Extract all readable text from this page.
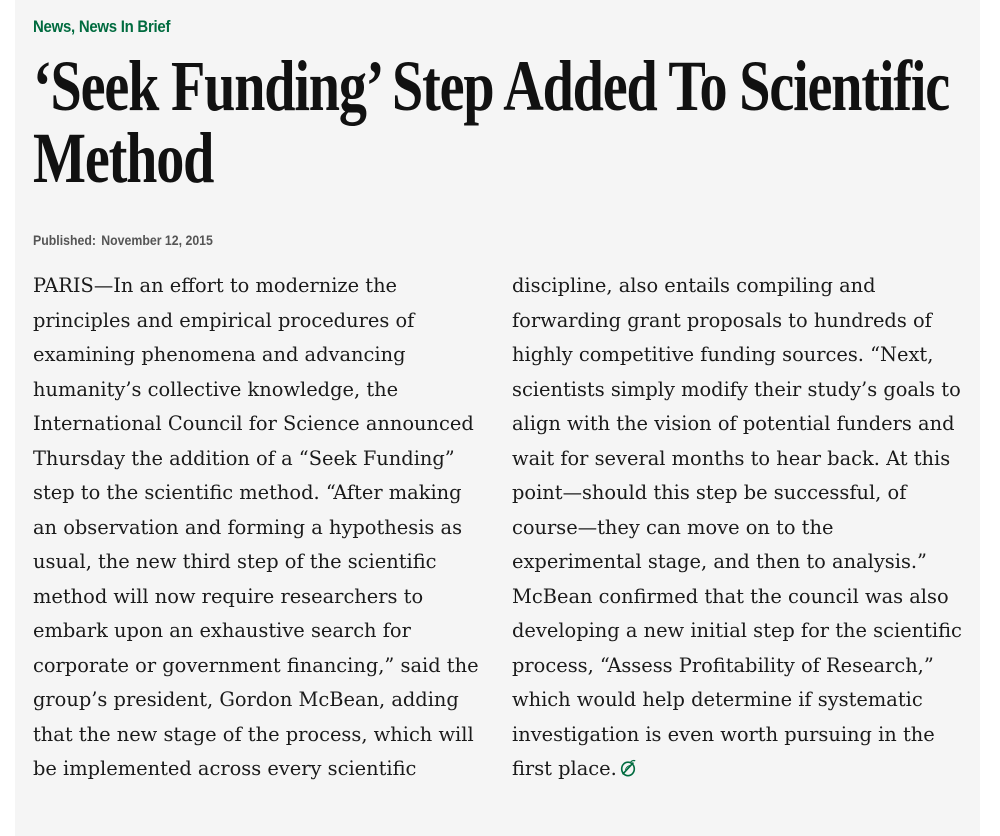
News, News In Brief
‘Seek Funding’ Step Added To Scientific Method
Published: November 12, 2015

PARIS—In an effort to modernize the principles and empirical procedures of examining phenomena and advancing humanity’s collective knowledge, the International Council for Science announced Thursday the addition of a “Seek Funding” step to the scientific method. “After making an observation and forming a hypothesis as usual, the new third step of the scientific method will now require researchers to embark upon an exhaustive search for corporate or government financing,” said the group’s president, Gordon McBean, adding that the new stage of the process, which will be implemented across every scientific discipline, also entails compiling and forwarding grant proposals to hundreds of highly competitive funding sources. “Next, scientists simply modify their study’s goals to align with the vision of potential funders and wait for several months to hear back. At this point—should this step be successful, of course—they can move on to the experimental stage, and then to analysis.” McBean confirmed that the council was also developing a new initial step for the scientific process, “Assess Profitability of Research,” which would help determine if systematic investigation is even worth pursuing in the first place.
